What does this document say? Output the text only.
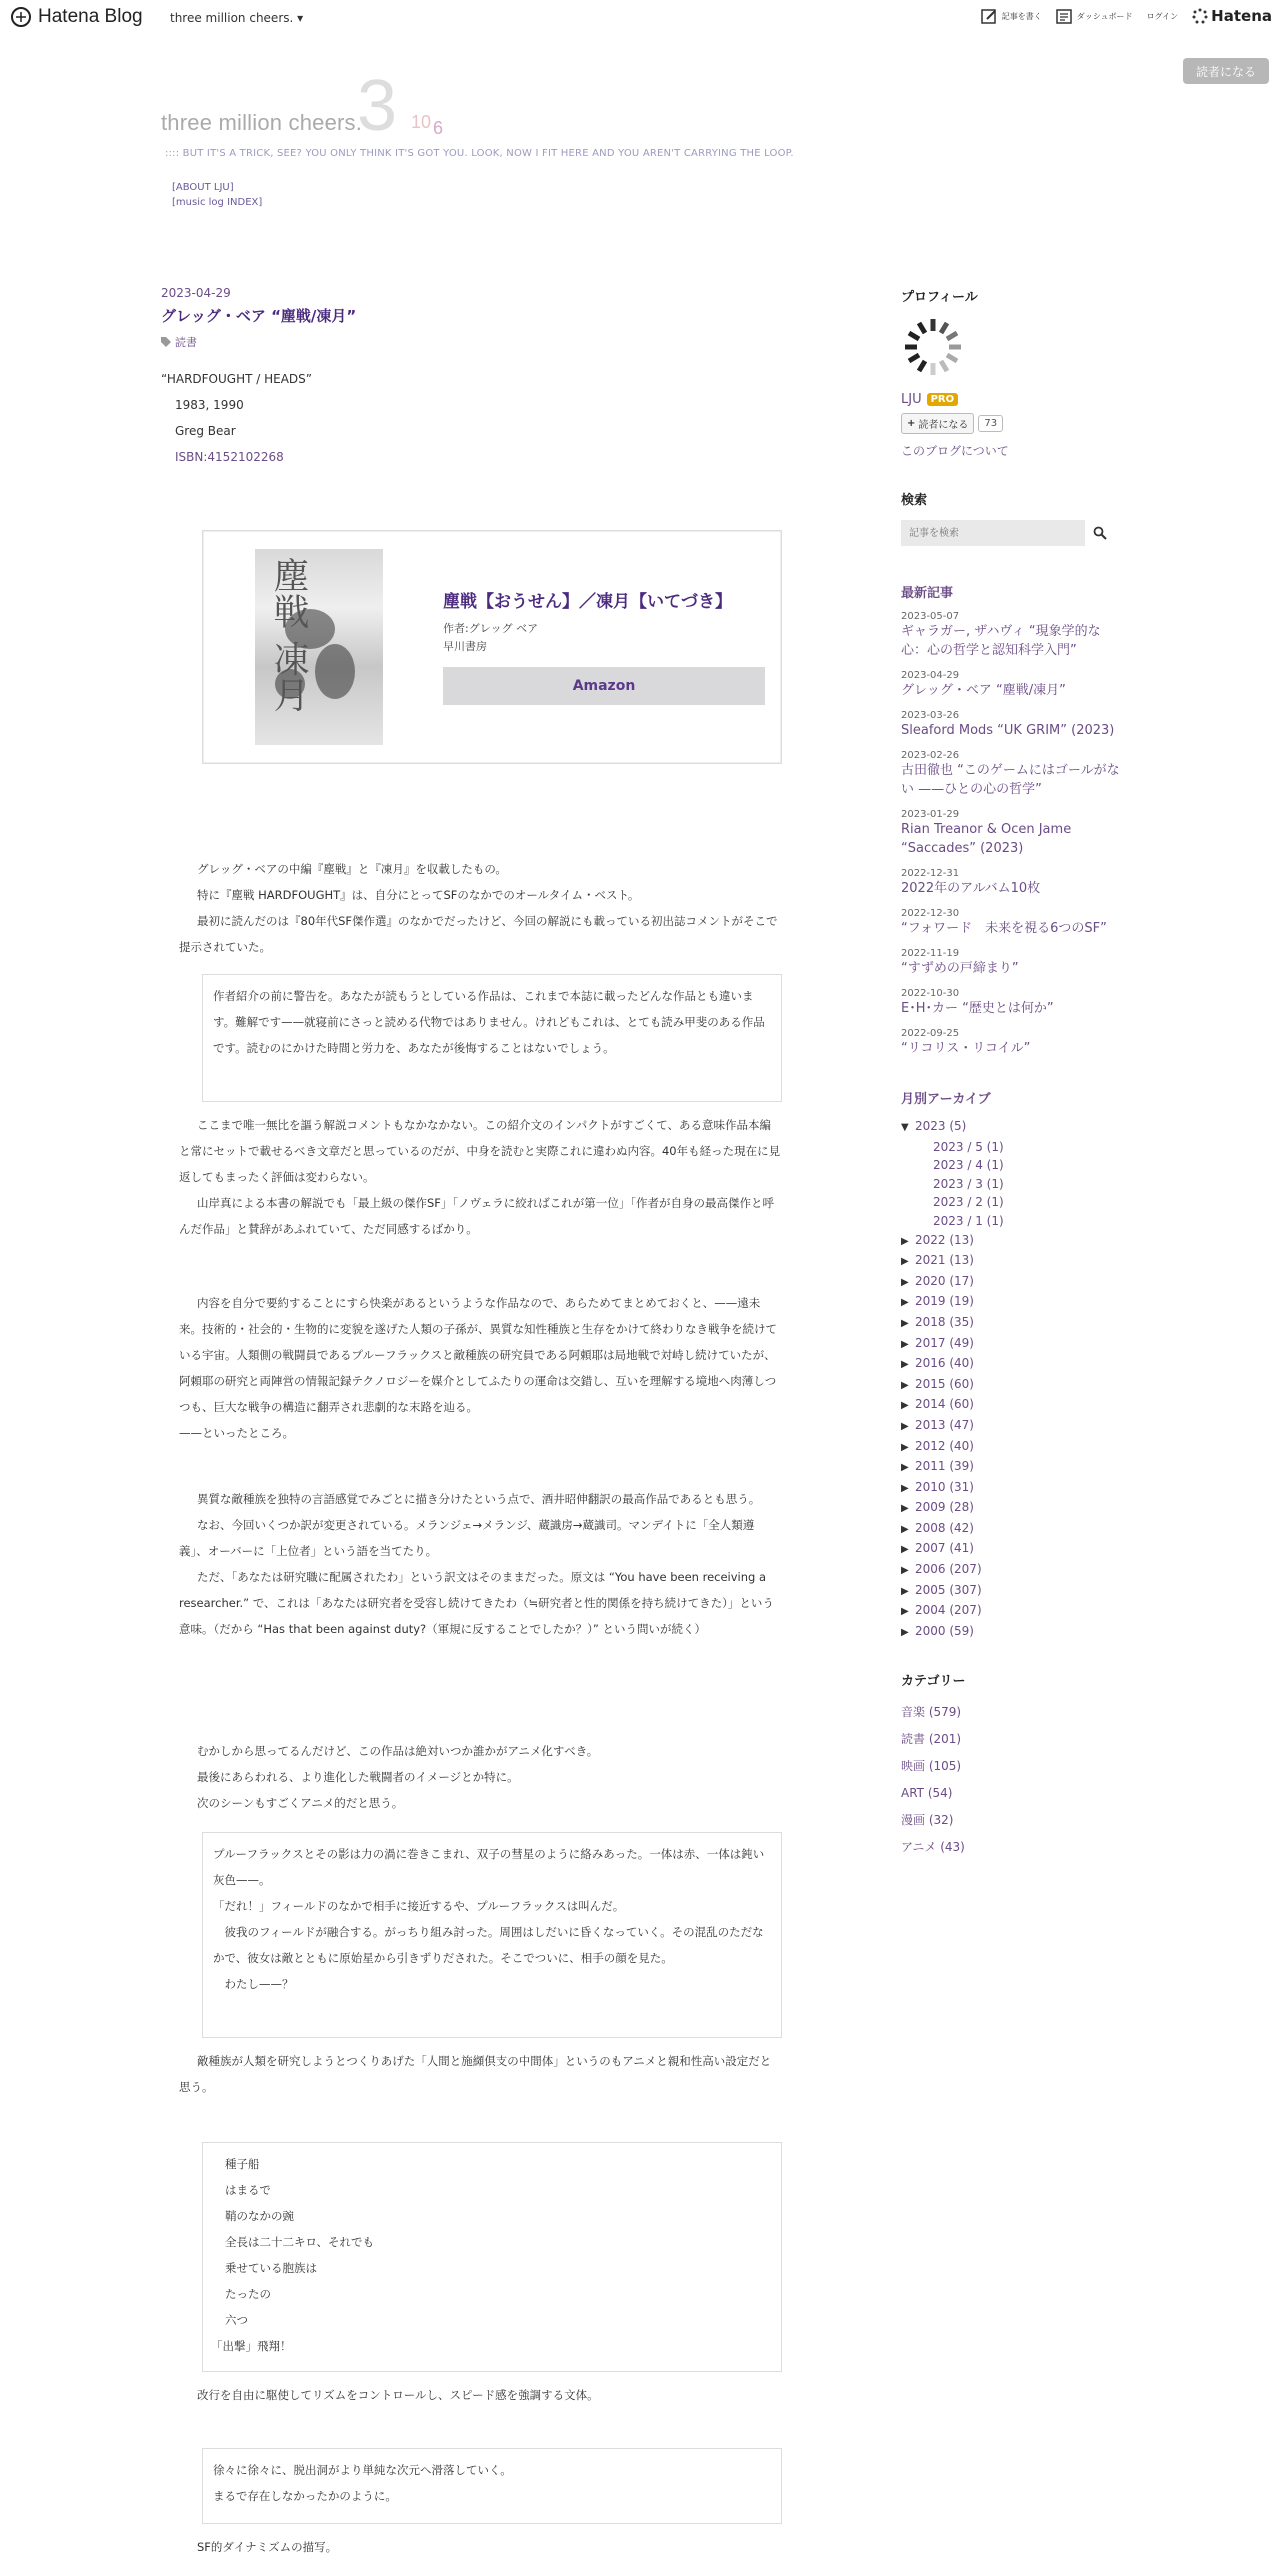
Hatena Blog three million cheers. ▾	記事を書く	ダッシュボード ログイン Hatena
読者になる
3
three million cheers.	10 6
:::: BUT IT'S A TRICK, SEE? YOU ONLY THINK IT'S GOT YOU. LOOK, NOW I FIT HERE AND YOU AREN'T CARRYING THE LOOP.
[ABOUT LJU]
[music log INDEX]
2023-04-29
グレッグ・ベア “塵戦/凍月”
読書
“HARDFOUGHT / HEADS”
1983, 1990
Greg Bear
ISBN:4152102268
塵戦 凍月	塵戦【おうせん】／凍月【いてづき】
作者:グレッグ ベア
早川書房
Amazon
グレッグ・ベアの中編『塵戦』と『凍月』を収載したもの。
特に『塵戦 HARDFOUGHT』は、自分にとってSFのなかでのオールタイム・ベスト。
最初に読んだのは『80年代SF傑作選』のなかでだったけど、今回の解説にも載っている初出誌コメントがそこで提示されていた。
作者紹介の前に警告を。あなたが読もうとしている作品は、これまで本誌に載ったどんな作品とも違います。難解です——就寝前にさっと読める代物ではありません。けれどもこれは、とても読み甲斐のある作品です。読むのにかけた時間と労力を、あなたが後悔することはないでしょう。
ここまで唯一無比を謳う解説コメントもなかなかない。この紹介文のインパクトがすごくて、ある意味作品本編と常にセットで載せるべき文章だと思っているのだが、中身を読むと実際これに違わぬ内容。40年も経った現在に見返してもまったく評価は変わらない。
山岸真による本書の解説でも「最上級の傑作SF」「ノヴェラに絞ればこれが第一位」「作者が自身の最高傑作と呼んだ作品」と賛辞があふれていて、ただ同感するばかり。
内容を自分で要約することにすら快楽があるというような作品なので、あらためてまとめておくと、——遠未来。技術的・社会的・生物的に変貌を遂げた人類の子孫が、異質な知性種族と生存をかけて終わりなき戦争を続けている宇宙。人類側の戦闘員であるプルーフラックスと敵種族の研究員である阿頼耶は局地戦で対峙し続けていたが、阿頼耶の研究と両陣営の情報記録テクノロジーを媒介としてふたりの運命は交錯し、互いを理解する境地へ肉薄しつつも、巨大な戦争の構造に翻弄され悲劇的な末路を辿る。
——といったところ。
異質な敵種族を独特の言語感覚でみごとに描き分けたという点で、酒井昭伸翻訳の最高作品であるとも思う。
なお、今回いくつか訳が変更されている。メランジェ→メランジ、蔵識房→蔵識司。マンデイトに「全人類遵義」、オーバーに「上位者」という語を当てたり。
ただ、「あなたは研究職に配属されたわ」という訳文はそのままだった。原文は “You have been receiving a researcher.” で、これは「あなたは研究者を受容し続けてきたわ（≒研究者と性的関係を持ち続けてきた）」という意味。（だから “Has that been against duty?（軍規に反することでしたか？）” という問いが続く）
むかしから思ってるんだけど、この作品は絶対いつか誰かがアニメ化すべき。
最後にあらわれる、より進化した戦闘者のイメージとか特に。
次のシーンもすごくアニメ的だと思う。
プルーフラックスとその影は力の渦に巻きこまれ、双子の彗星のように絡みあった。一体は赤、一体は鈍い灰色——。
「だれ！」フィールドのなかで相手に接近するや、プルーフラックスは叫んだ。
　彼我のフィールドが融合する。がっちり組み討った。周囲はしだいに昏くなっていく。その混乱のただなかで、彼女は敵とともに原始星から引きずりだされた。そこでついに、相手の顔を見た。
　わたし——？
敵種族が人類を研究しようとつくりあげた「人間と施纐倶支の中間体」というのもアニメと親和性高い設定だと思う。
種子船
はまるで
鞘のなかの豌
全長は二十二キロ、それでも
乗せている胞族は
たったの
六つ
「出撃」飛翔！
改行を自由に駆使してリズムをコントロールし、スピード感を強調する文体。
徐々に徐々に、脱出洞がより単純な次元へ滑落していく。
まるで存在しなかったかのように。
SF的ダイナミズムの描写。
プロフィール
LJU PRO
+ 読者になる	73
このブログについて
検索
記事を検索
最新記事
2023-05-07
ギャラガー, ザハヴィ “現象学的な心：心の哲学と認知科学入門”
2023-04-29
グレッグ・ベア “塵戦/凍月”
2023-03-26
Sleaford Mods “UK GRIM” (2023)
2023-02-26
古田徹也 “このゲームにはゴールがない ——ひとの心の哲学”
2023-01-29
Rian Treanor & Ocen Jame “Saccades” (2023)
2022-12-31
2022年のアルバム10枚
2022-12-30
“フォワード　未来を視る6つのSF”
2022-11-19
“すずめの戸締まり”
2022-10-30
E･H･カー “歴史とは何か”
2022-09-25
“リコリス・リコイル”
月別アーカイブ
▼ 2023 (5)
2023 / 5 (1)
2023 / 4 (1)
2023 / 3 (1)
2023 / 2 (1)
2023 / 1 (1)
▶ 2022 (13)
▶ 2021 (13)
▶ 2020 (17)
▶ 2019 (19)
▶ 2018 (35)
▶ 2017 (49)
▶ 2016 (40)
▶ 2015 (60)
▶ 2014 (60)
▶ 2013 (47)
▶ 2012 (40)
▶ 2011 (39)
▶ 2010 (31)
▶ 2009 (28)
▶ 2008 (42)
▶ 2007 (41)
▶ 2006 (207)
▶ 2005 (307)
▶ 2004 (207)
▶ 2000 (59)
カテゴリー
音楽 (579)
読書 (201)
映画 (105)
ART (54)
漫画 (32)
アニメ (43)
